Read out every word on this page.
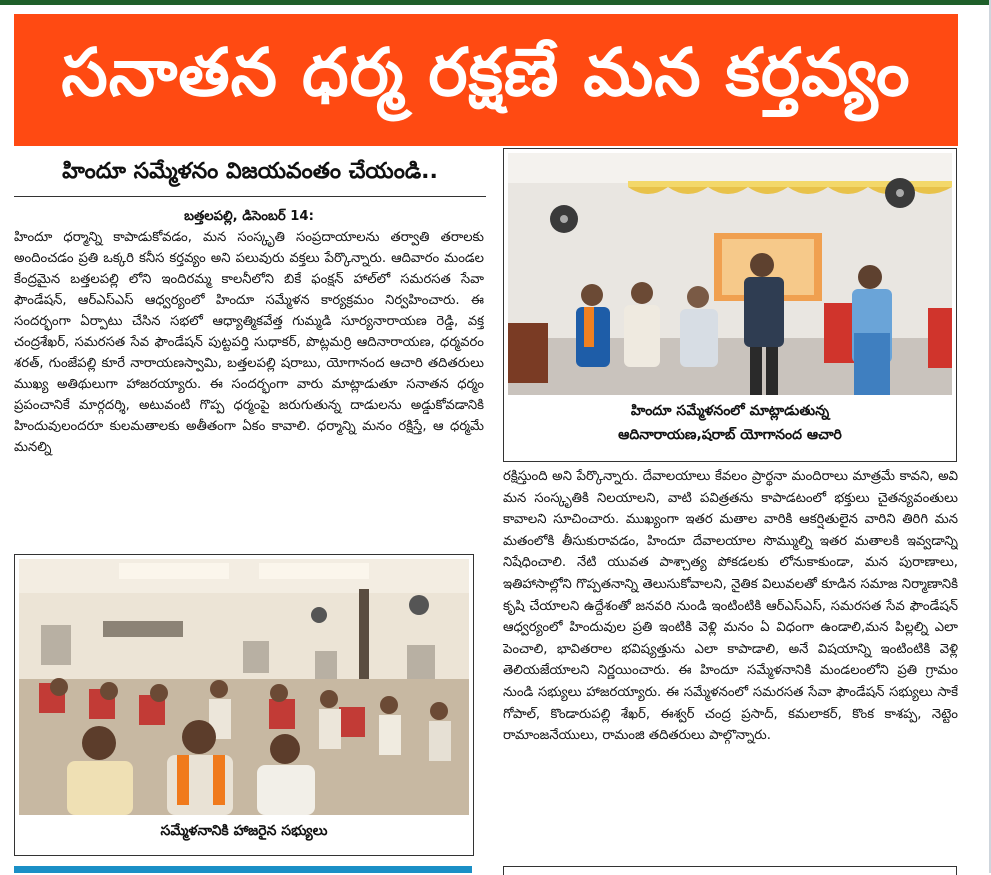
సనాతన ధర్మ రక్షణే మన కర్తవ్యం
హిందూ సమ్మేళనం విజయవంతం చేయండి..
బత్తలపల్లి, డిసెంబర్ 14:
హిందూ ధర్మాన్ని కాపాడుకోవడం, మన సంస్కృతి సంప్రదాయాలను తర్వాతి తరాలకు అందించడం ప్రతి ఒక్కరి కనీస కర్తవ్యం అని పలువురు వక్తలు పేర్కొన్నారు. ఆదివారం మండల కేంద్రమైన బత్తలపల్లి లోని ఇందిరమ్మ కాలనీలోని బికే ఫంక్షన్ హాల్‌లో సమరసత సేవా ఫౌండేషన్, ఆర్‌ఎస్ఎస్ ఆధ్వర్యంలో హిందూ సమ్మేళన కార్యక్రమం నిర్వహించారు. ఈ సందర్భంగా ఏర్పాటు చేసిన సభలో ఆధ్యాత్మికవేత్త గుమ్మడి సూర్యనారాయణ రెడ్డి, వక్త చంద్రశేఖర్, సమరసత సేవ ఫౌండేషన్ పుట్టపర్తి సుధాకర్, పొట్లమర్రి ఆదినారాయణ, ధర్మవరం శరత్, గుంజేపల్లి కూరే నారాయణస్వామి, బత్తలపల్లి షరాబు, యోగానంద ఆచారి తదితరులు ముఖ్య అతిథులుగా హాజరయ్యారు. ఈ సందర్భంగా వారు మాట్లాడుతూ సనాతన ధర్మం ప్రపంచానికే మార్గదర్శి, అటువంటి గొప్ప ధర్మంపై జరుగుతున్న దాడులను అడ్డుకోవడానికి హిందువులందరూ కులమతాలకు అతీతంగా ఏకం కావాలి. ధర్మాన్ని మనం రక్షిస్తే, ఆ ధర్మమే మనల్ని
హిందూ సమ్మేళనంలో మాట్లాడుతున్న
ఆదినారాయణ,షరాబ్ యోగానంద ఆచారి
సమ్మేళనానికి హాజరైన సభ్యులు
రక్షిస్తుంది అని పేర్కొన్నారు. దేవాలయాలు కేవలం ప్రార్థనా మందిరాలు మాత్రమే కావని, అవి మన సంస్కృతికి నిలయాలని, వాటి పవిత్రతను కాపాడటంలో భక్తులు చైతన్యవంతులు కావాలని సూచించారు. ముఖ్యంగా ఇతర మతాల వారికి ఆకర్షితులైన వారిని తిరిగి మన మతంలోకి తీసుకురావడం, హిందూ దేవాలయాల సొమ్ముల్ని ఇతర మతాలకి ఇవ్వడాన్ని నిషేధించాలి. నేటి యువత పాశ్చాత్య పోకడలకు లోనుకాకుండా, మన పురాణాలు, ఇతిహాసాల్లోని గొప్పతనాన్ని తెలుసుకోవాలని, నైతిక విలువలతో కూడిన సమాజ నిర్మాణానికి కృషి చేయాలని ఉద్దేశంతో జనవరి నుండి ఇంటింటికి ఆర్‌ఎస్ఎస్, సమరసత సేవ ఫౌండేషన్ ఆధ్వర్యంలో హిందువుల ప్రతి ఇంటికి వెళ్లి మనం ఏ విధంగా ఉండాలి,మన పిల్లల్ని ఎలా పెంచాలి, భావితరాల భవిష్యత్తును ఎలా కాపాడాలి, అనే విషయాన్ని ఇంటింటికి వెళ్లి తెలియజేయాలని నిర్ణయించారు. ఈ హిందూ సమ్మేళనానికి మండలంలోని ప్రతి గ్రామం నుండి సభ్యులు హాజరయ్యారు. ఈ సమ్మేళనంలో సమరసత సేవా ఫౌండేషన్ సభ్యులు సాకే గోపాల్, కొండారుపల్లి శేఖర్, ఈశ్వర్ చంద్ర ప్రసాద్, కమలాకర్, కొంక కాశప్ప, నెట్టెం రామాంజనేయులు, రామంజి తదితరులు పాల్గొన్నారు.
